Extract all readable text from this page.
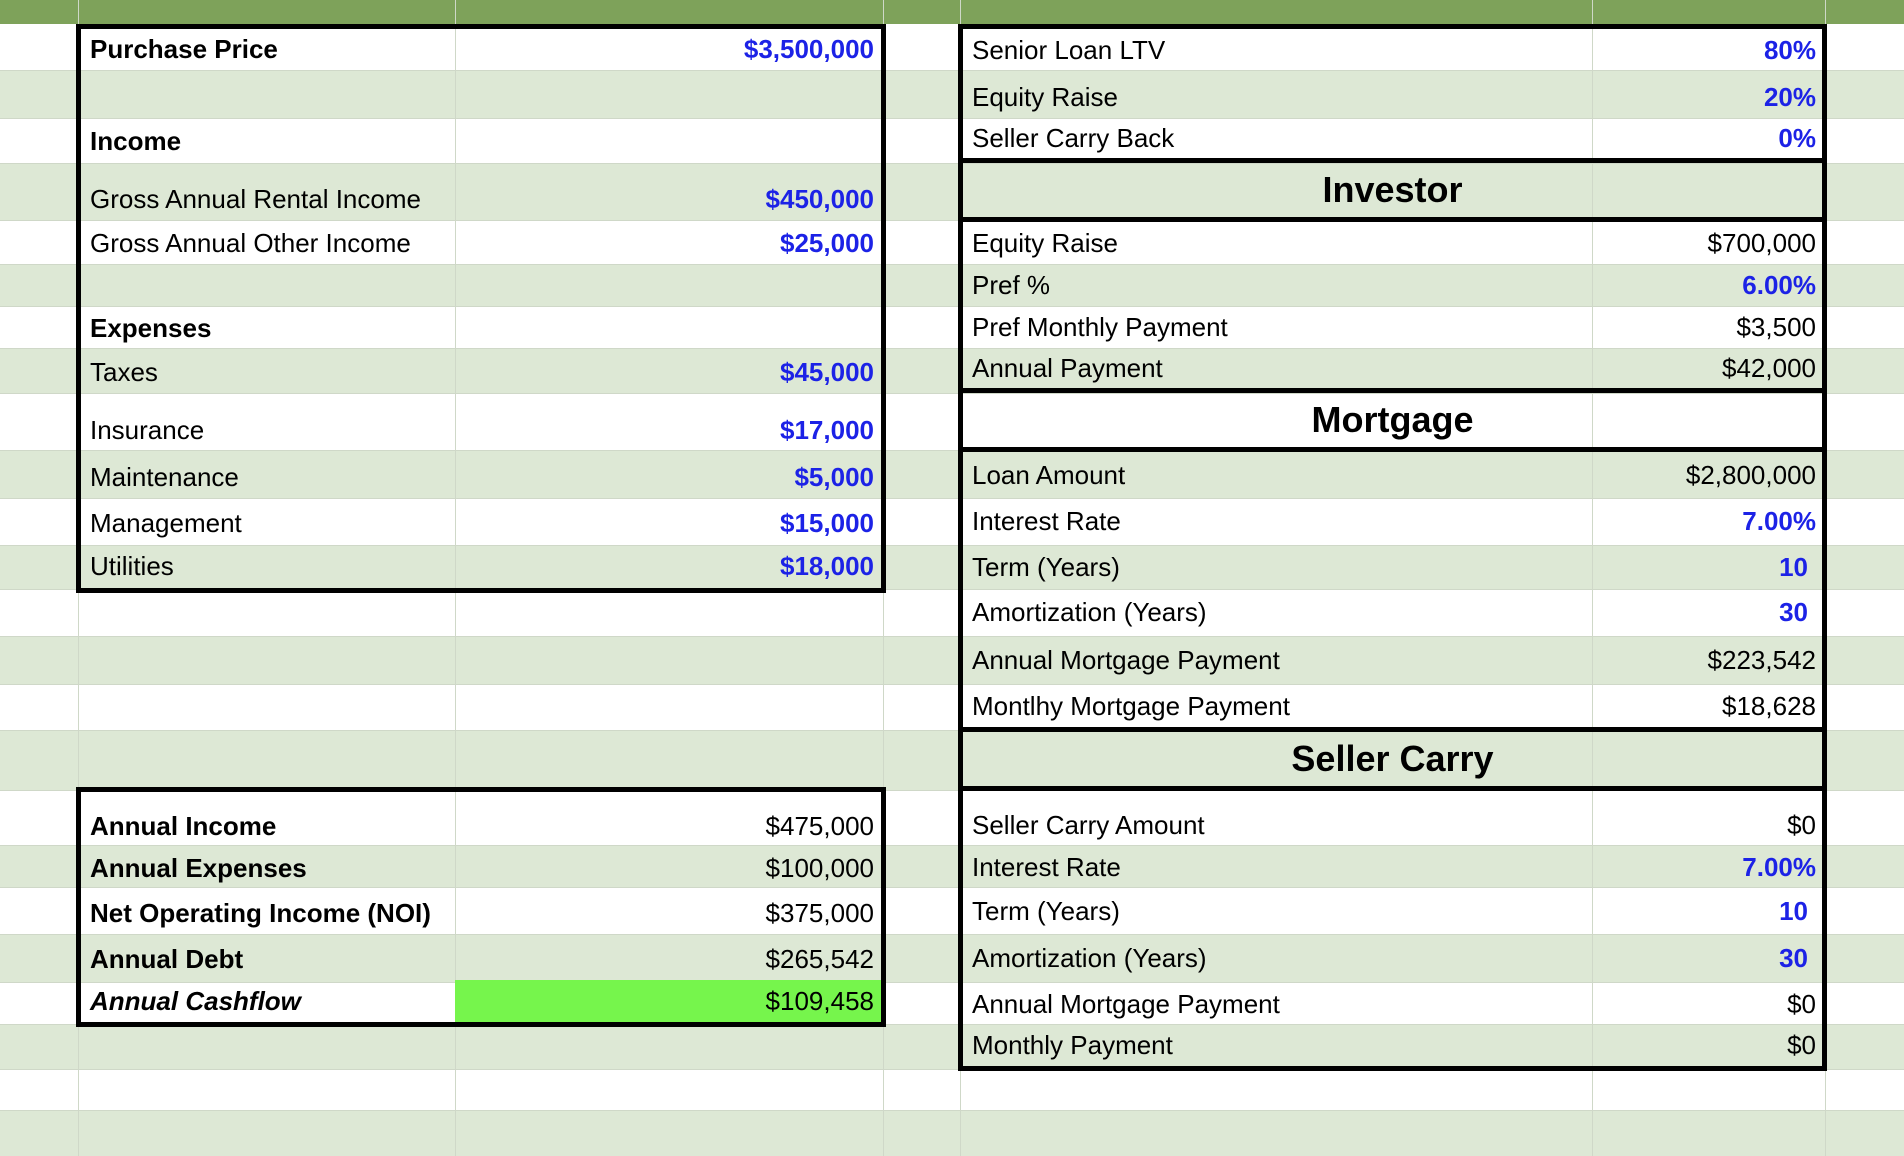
Purchase Price	$3,500,000
Income
Gross Annual Rental Income	$450,000
Gross Annual Other Income	$25,000
Expenses
Taxes	$45,000
Insurance	$17,000
Maintenance	$5,000
Management	$15,000
Utilities	$18,000
Annual Income	$475,000
Annual Expenses	$100,000
Net Operating Income (NOI)	$375,000
Annual Debt	$265,542
Annual Cashflow	$109,458
Senior Loan LTV	80%
Equity Raise	20%
Seller Carry Back	0%
Investor
Equity Raise	$700,000
Pref %	6.00%
Pref Monthly Payment	$3,500
Annual Payment	$42,000
Mortgage
Loan Amount	$2,800,000
Interest Rate	7.00%
Term (Years)	10
Amortization (Years)	30
Annual Mortgage Payment	$223,542
Montlhy Mortgage Payment	$18,628
Seller Carry
Seller Carry Amount	$0
Interest Rate	7.00%
Term (Years)	10
Amortization (Years)	30
Annual Mortgage Payment	$0
Monthly Payment	$0
